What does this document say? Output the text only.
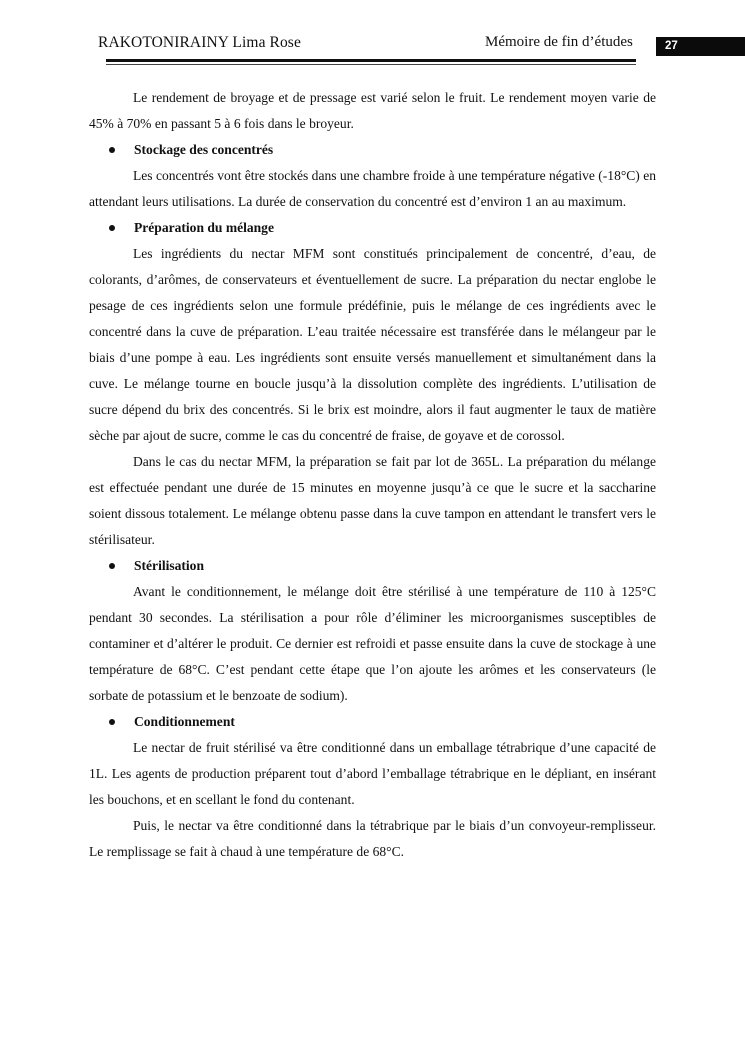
RAKOTONIRAINY Lima Rose	Mémoire de fin d’études	27

Le rendement de broyage et de pressage est varié selon le fruit. Le rendement moyen varie de 45% à 70% en passant 5 à 6 fois dans le broyeur.

Stockage des concentrés

Les concentrés vont être stockés dans une chambre froide à une température négative (-18°C) en attendant leurs utilisations. La durée de conservation du concentré est d’environ 1 an au maximum.

Préparation du mélange

Les ingrédients du nectar MFM sont constitués principalement de concentré, d’eau, de colorants, d’arômes, de conservateurs et éventuellement de sucre. La préparation du nectar englobe le pesage de ces ingrédients selon une formule prédéfinie, puis le mélange de ces ingrédients avec le concentré dans la cuve de préparation. L’eau traitée nécessaire est transférée dans le mélangeur par le biais d’une pompe à eau. Les ingrédients sont ensuite versés manuellement et simultanément dans la cuve. Le mélange tourne en boucle jusqu’à la dissolution complète des ingrédients. L’utilisation de sucre dépend du brix des concentrés. Si le brix est moindre, alors il faut augmenter le taux de matière sèche par ajout de sucre, comme le cas du concentré de fraise, de goyave et de corossol.

Dans le cas du nectar MFM, la préparation se fait par lot de 365L. La préparation du mélange est effectuée pendant une durée de 15 minutes en moyenne jusqu’à ce que le sucre et la saccharine soient dissous totalement. Le mélange obtenu passe dans la cuve tampon en attendant le transfert vers le stérilisateur.

Stérilisation

Avant le conditionnement, le mélange doit être stérilisé à une température de 110 à 125°C pendant 30 secondes. La stérilisation a pour rôle d’éliminer les microorganismes susceptibles de contaminer et d’altérer le produit. Ce dernier est refroidi et passe ensuite dans la cuve de stockage à une température de 68°C. C’est pendant cette étape que l’on ajoute les arômes et les conservateurs (le sorbate de potassium et le benzoate de sodium).

Conditionnement

Le nectar de fruit stérilisé va être conditionné dans un emballage tétrabrique d’une capacité de 1L. Les agents de production préparent tout d’abord l’emballage tétrabrique en le dépliant, en insérant les bouchons, et en scellant le fond du contenant.

Puis, le nectar va être conditionné dans la tétrabrique par le biais d’un convoyeur-remplisseur. Le remplissage se fait à chaud à une température de 68°C.
